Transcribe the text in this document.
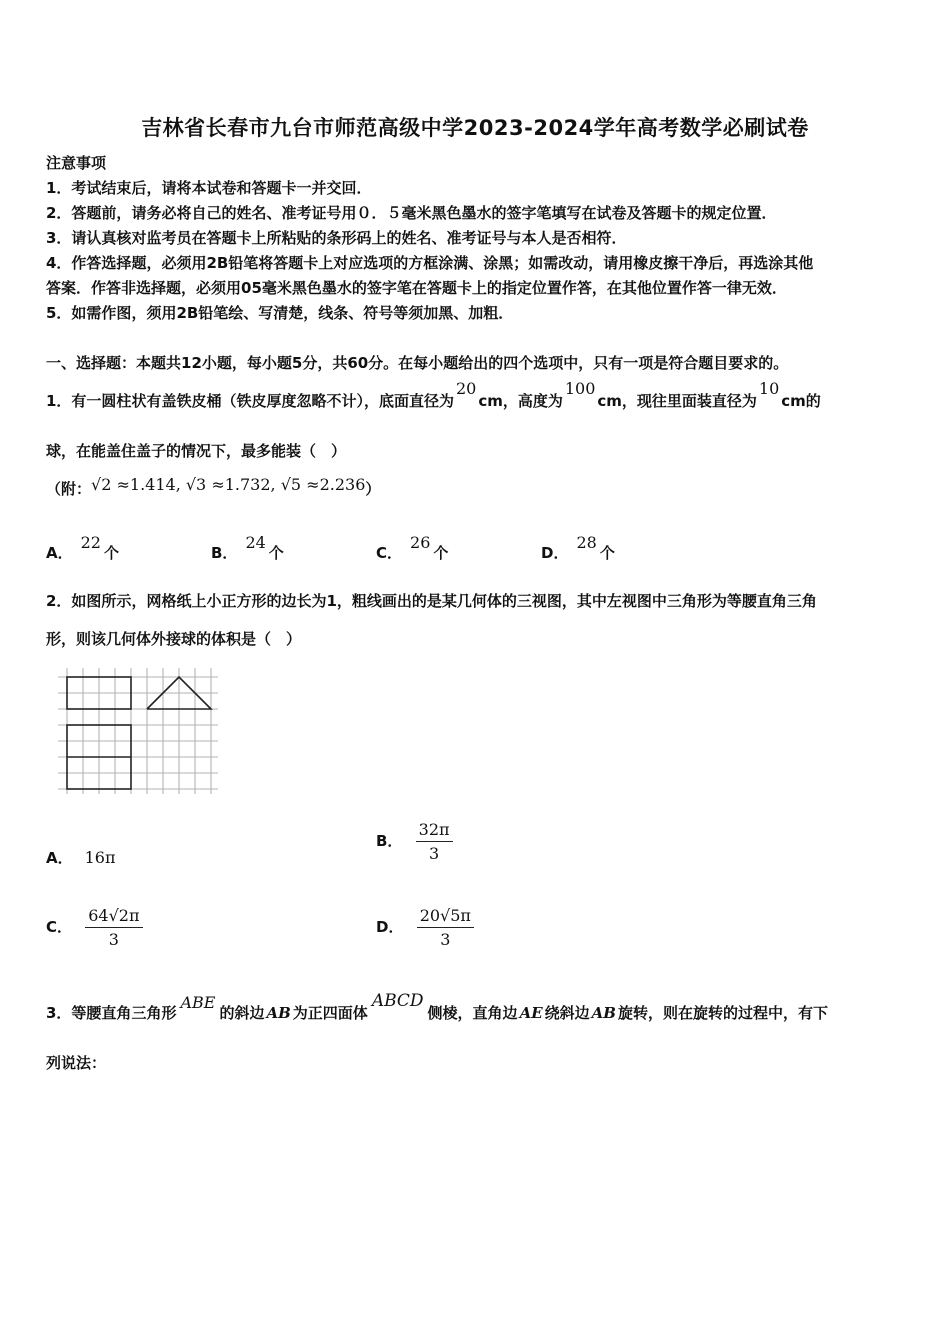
吉林省长春市九台市师范高级中学2023-2024学年高考数学必刷试卷
注意事项
1．考试结束后，请将本试卷和答题卡一并交回．
2．答题前，请务必将自己的姓名、准考证号用０．５毫米黑色墨水的签字笔填写在试卷及答题卡的规定位置．
3．请认真核对监考员在答题卡上所粘贴的条形码上的姓名、准考证号与本人是否相符．
4．作答选择题，必须用2B铅笔将答题卡上对应选项的方框涂满、涂黑；如需改动，请用橡皮擦干净后，再选涂其他
答案．作答非选择题，必须用05毫米黑色墨水的签字笔在答题卡上的指定位置作答，在其他位置作答一律无效．
5．如需作图，须用2B铅笔绘、写清楚，线条、符号等须加黑、加粗．
一、选择题：本题共12小题，每小题5分，共60分。在每小题给出的四个选项中，只有一项是符合题目要求的。
1．有一圆柱状有盖铁皮桶（铁皮厚度忽略不计），底面直径为20cm，高度为100cm，现往里面装直径为10cm的
球，在能盖住盖子的情况下，最多能装（　）
（附：√2 ≈1.414, √3 ≈1.732, √5 ≈2.236）
A．22个	B．24个	C．26个	D．28个
2．如图所示，网格纸上小正方形的边长为1，粗线画出的是某几何体的三视图，其中左视图中三角形为等腰直角三角
形，则该几何体外接球的体积是（　）
A． 16π
B． $\frac{32\pi}{3}$
C． $\frac{64√2\pi}{3}$	D． $\frac{20√5\pi}{3}$
3．等腰直角三角形ABE的斜边 AB 为正四面体ABCD侧棱，直角边 AE 绕斜边 AB 旋转，则在旋转的过程中，有下
列说法：
